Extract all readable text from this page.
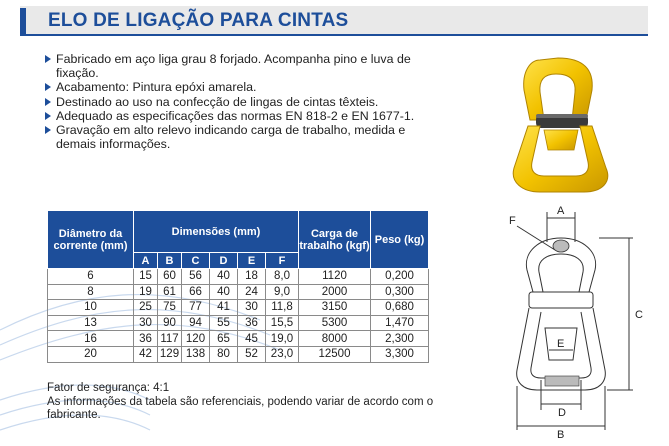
ELO DE LIGAÇÃO PARA CINTAS
Fabricado em aço liga grau 8 forjado. Acompanha pino e luva de fixação.
Acabamento: Pintura epóxi amarela.
Destinado ao uso na confecção de lingas de cintas têxteis.
Adequado as especificações das normas EN 818-2 e EN 1677-1.
Gravação em alto relevo indicando carga de trabalho, medida e demais informações.
Diâmetro da corrente (mm)	Dimensões (mm)						Carga de trabalho (kgf)	Peso (kg)
	A	B	C	D	E	F		
6	15	60	56	40	18	8,0	1120	0,200
8	19	61	66	40	24	9,0	2000	0,300
10	25	75	77	41	30	11,8	3150	0,680
13	30	90	94	55	36	15,5	5300	1,470
16	36	117	120	65	45	19,0	8000	2,300
20	42	129	138	80	52	23,0	12500	3,300
Fator de segurança: 4:1
As informações da tabela são referenciais, podendo variar de acordo com o fabricante.
A
F
C
E
D
B
